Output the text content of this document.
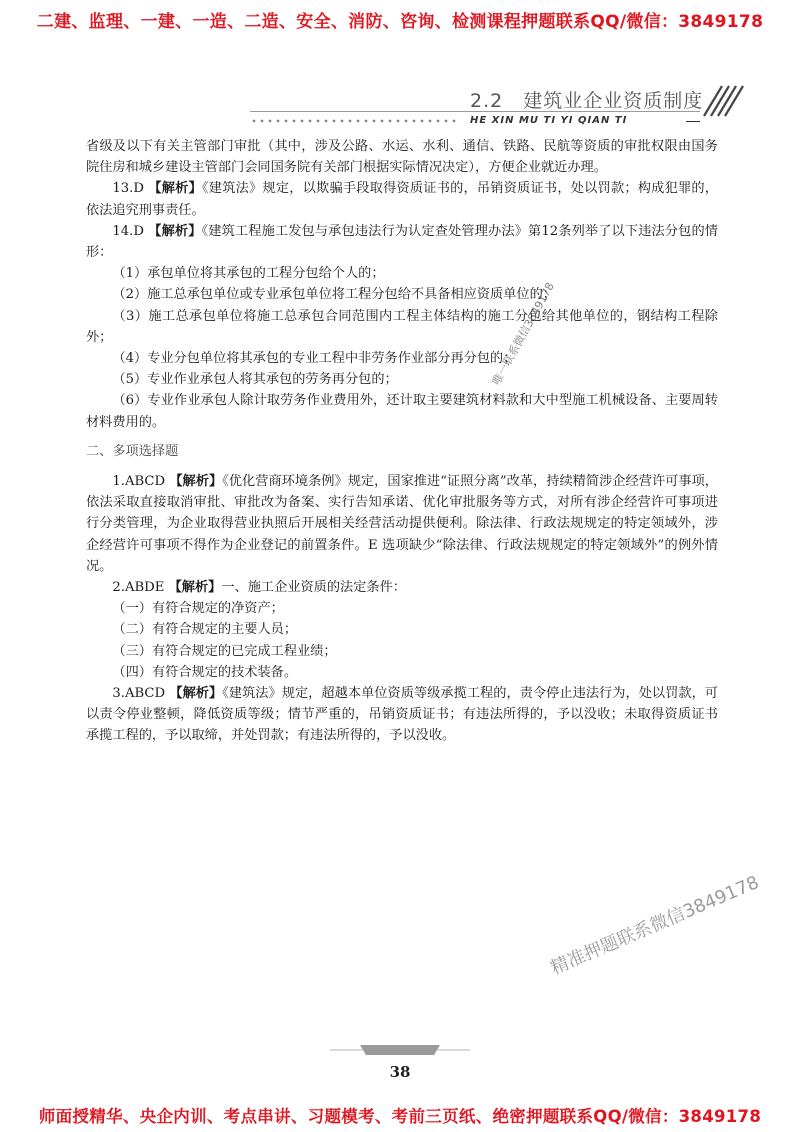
二建、监理、一建、一造、二造、安全、消防、咨询、检测课程押题联系QQ/微信：3849178
2.2　建筑业企业资质制度
HE XIN MU TI YI QIAN TI

省级及以下有关主管部门审批（其中，涉及公路、水运、水利、通信、铁路、民航等资质的审批权限由国务院住房和城乡建设主管部门会同国务院有关部门根据实际情况决定），方便企业就近办理。

13.D 【解析】《建筑法》规定，以欺骗手段取得资质证书的，吊销资质证书，处以罚款；构成犯罪的，依法追究刑事责任。

14.D 【解析】《建筑工程施工发包与承包违法行为认定查处管理办法》第12条列举了以下违法分包的情形：

（1）承包单位将其承包的工程分包给个人的；

（2）施工总承包单位或专业承包单位将工程分包给不具备相应资质单位的；

（3）施工总承包单位将施工总承包合同范围内工程主体结构的施工分包给其他单位的，钢结构工程除外；

（4）专业分包单位将其承包的专业工程中非劳务作业部分再分包的；

（5）专业作业承包人将其承包的劳务再分包的；

（6）专业作业承包人除计取劳务作业费用外，还计取主要建筑材料款和大中型施工机械设备、主要周转材料费用的。

二、多项选择题

1.ABCD 【解析】《优化营商环境条例》规定，国家推进“证照分离”改革，持续精简涉企经营许可事项，依法采取直接取消审批、审批改为备案、实行告知承诺、优化审批服务等方式，对所有涉企经营许可事项进行分类管理，为企业取得营业执照后开展相关经营活动提供便利。除法律、行政法规规定的特定领域外，涉企经营许可事项不得作为企业登记的前置条件。E 选项缺少“除法律、行政法规规定的特定领域外”的例外情况。

2.ABDE 【解析】一、施工企业资质的法定条件：

（一）有符合规定的净资产；

（二）有符合规定的主要人员；

（三）有符合规定的已完成工程业绩；

（四）有符合规定的技术装备。

3.ABCD 【解析】《建筑法》规定，超越本单位资质等级承揽工程的，责令停止违法行为，处以罚款，可以责令停业整顿，降低资质等级；情节严重的，吊销资质证书；有违法所得的，予以没收；未取得资质证书承揽工程的，予以取缔，并处罚款；有违法所得的，予以没收。

唯一联系微信3849178
精准押题联系微信3849178
38
师面授精华、央企内训、考点串讲、习题模考、考前三页纸、绝密押题联系QQ/微信：3849178
